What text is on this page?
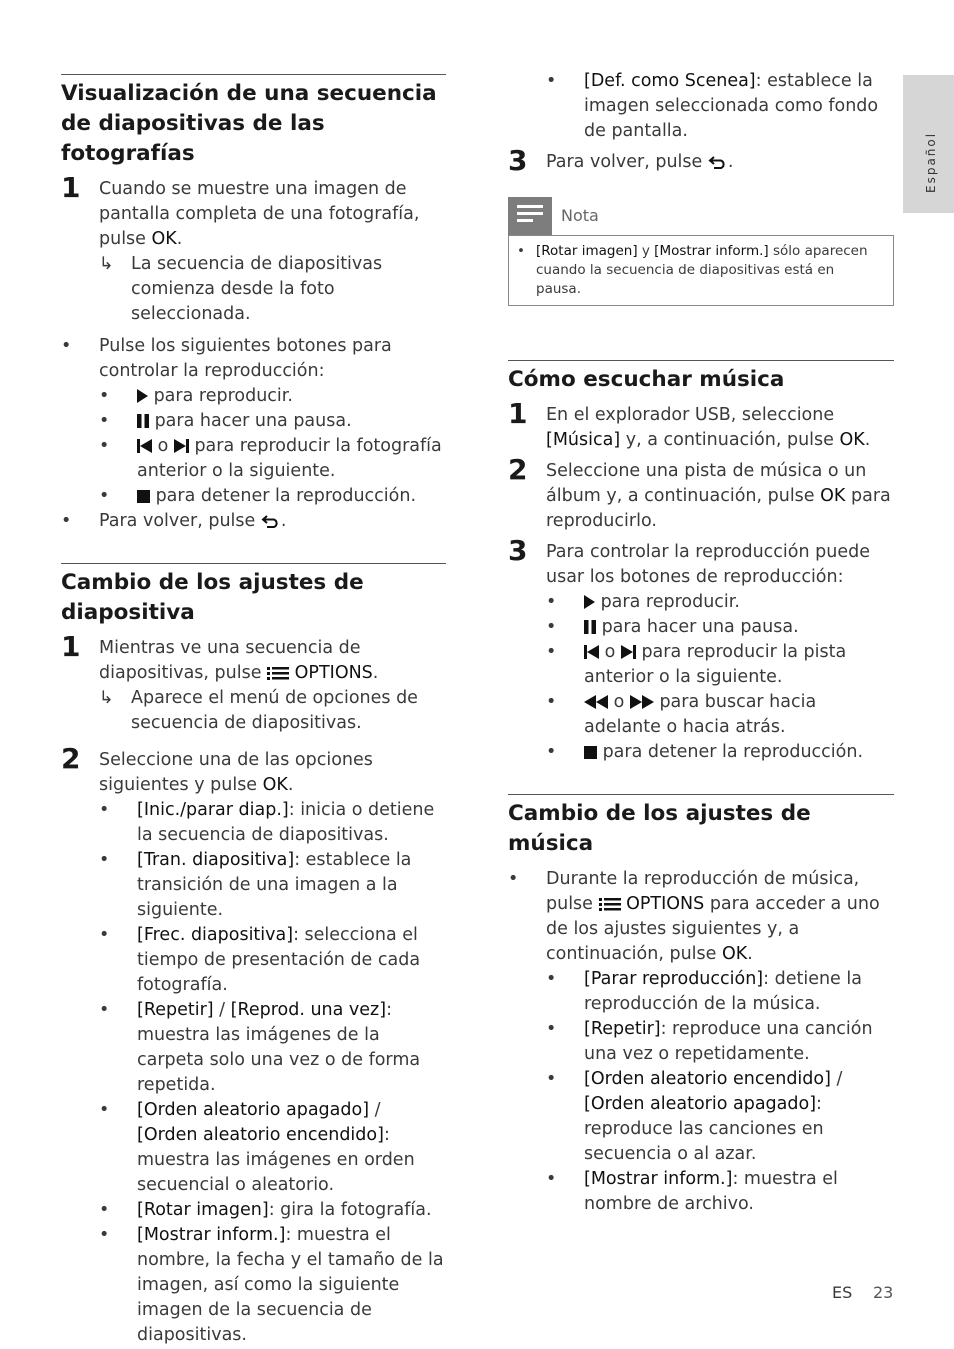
Español
Visualización de una secuencia de diapositivas de las fotografías
1 Cuando se muestre una imagen de pantalla completa de una fotografía, pulse OK.
↳ La secuencia de diapositivas comienza desde la foto seleccionada.
• Pulse los siguientes botones para controlar la reproducción:
• para reproducir.
• para hacer una pausa.
• o para reproducir la fotografía anterior o la siguiente.
• para detener la reproducción.
• Para volver, pulse .
Cambio de los ajustes de diapositiva
1 Mientras ve una secuencia de diapositivas, pulse OPTIONS.
↳ Aparece el menú de opciones de secuencia de diapositivas.
2 Seleccione una de las opciones siguientes y pulse OK.
• [Inic./parar diap.]: inicia o detiene la secuencia de diapositivas.
• [Tran. diapositiva]: establece la transición de una imagen a la siguiente.
• [Frec. diapositiva]: selecciona el tiempo de presentación de cada fotografía.
• [Repetir] / [Reprod. una vez]: muestra las imágenes de la carpeta solo una vez o de forma repetida.
• [Orden aleatorio apagado] / [Orden aleatorio encendido]: muestra las imágenes en orden secuencial o aleatorio.
• [Rotar imagen]: gira la fotografía.
• [Mostrar inform.]: muestra el nombre, la fecha y el tamaño de la imagen, así como la siguiente imagen de la secuencia de diapositivas.
• [Def. como Scenea]: establece la imagen seleccionada como fondo de pantalla.
3 Para volver, pulse .
Nota
• [Rotar imagen] y [Mostrar inform.] sólo aparecen cuando la secuencia de diapositivas está en pausa.
Cómo escuchar música
1 En el explorador USB, seleccione [Música] y, a continuación, pulse OK.
2 Seleccione una pista de música o un álbum y, a continuación, pulse OK para reproducirlo.
3 Para controlar la reproducción puede usar los botones de reproducción:
• para reproducir.
• para hacer una pausa.
• o para reproducir la pista anterior o la siguiente.
• o para buscar hacia adelante o hacia atrás.
• para detener la reproducción.
Cambio de los ajustes de música
• Durante la reproducción de música, pulse OPTIONS para acceder a uno de los ajustes siguientes y, a continuación, pulse OK.
• [Parar reproducción]: detiene la reproducción de la música.
• [Repetir]: reproduce una canción una vez o repetidamente.
• [Orden aleatorio encendido] / [Orden aleatorio apagado]: reproduce las canciones en secuencia o al azar.
• [Mostrar inform.]: muestra el nombre de archivo.
ES 23
